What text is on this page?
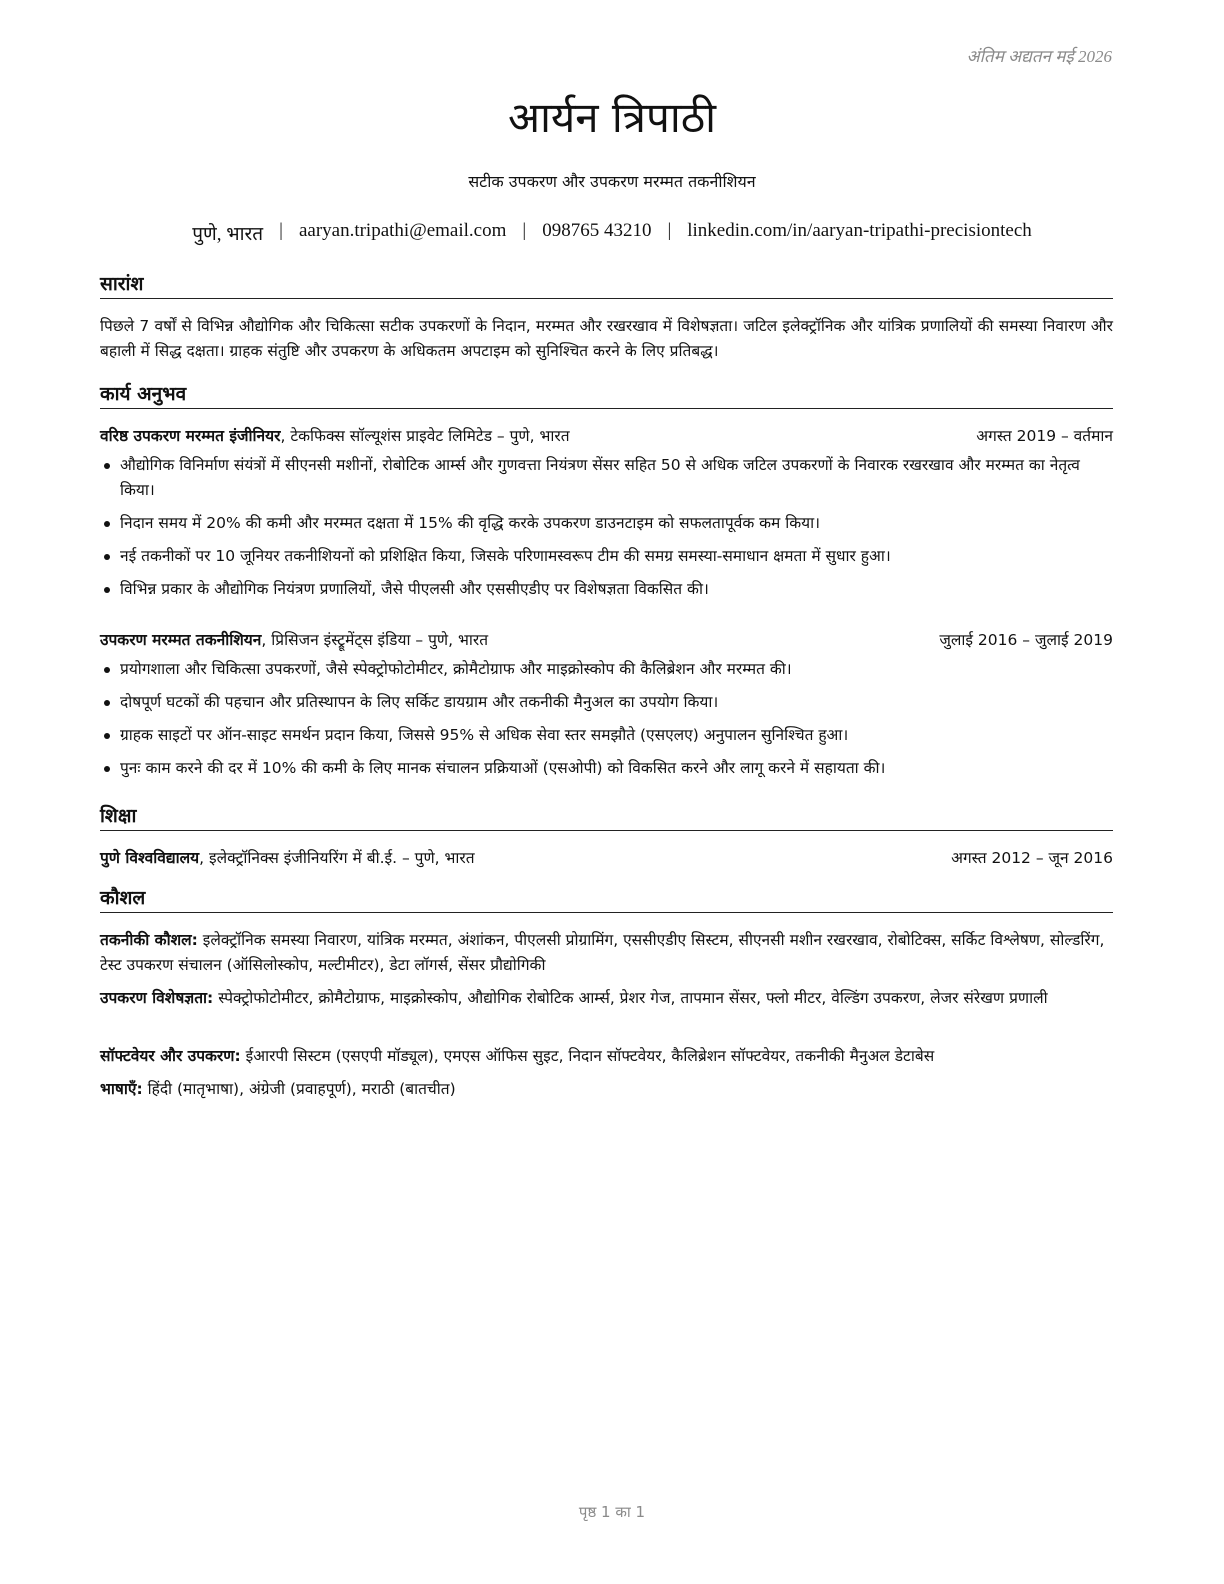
अंतिम अद्यतन मई 2026
आर्यन त्रिपाठी
सटीक उपकरण और उपकरण मरम्मत तकनीशियन
पुणे, भारत | aaryan.tripathi@email.com | 098765 43210 | linkedin.com/in/aaryan-tripathi-precisiontech
सारांश
पिछले 7 वर्षों से विभिन्न औद्योगिक और चिकित्सा सटीक उपकरणों के निदान, मरम्मत और रखरखाव में विशेषज्ञता। जटिल इलेक्ट्रॉनिक और यांत्रिक प्रणालियों की समस्या निवारण और बहाली में सिद्ध दक्षता। ग्राहक संतुष्टि और उपकरण के अधिकतम अपटाइम को सुनिश्चित करने के लिए प्रतिबद्ध।
कार्य अनुभव
वरिष्ठ उपकरण मरम्मत इंजीनियर, टेकफिक्स सॉल्यूशंस प्राइवेट लिमिटेड – पुणे, भारत	अगस्त 2019 – वर्तमान
औद्योगिक विनिर्माण संयंत्रों में सीएनसी मशीनों, रोबोटिक आर्म्स और गुणवत्ता नियंत्रण सेंसर सहित 50 से अधिक जटिल उपकरणों के निवारक रखरखाव और मरम्मत का नेतृत्व किया।
निदान समय में 20% की कमी और मरम्मत दक्षता में 15% की वृद्धि करके उपकरण डाउनटाइम को सफलतापूर्वक कम किया।
नई तकनीकों पर 10 जूनियर तकनीशियनों को प्रशिक्षित किया, जिसके परिणामस्वरूप टीम की समग्र समस्या-समाधान क्षमता में सुधार हुआ।
विभिन्न प्रकार के औद्योगिक नियंत्रण प्रणालियों, जैसे पीएलसी और एससीएडीए पर विशेषज्ञता विकसित की।
उपकरण मरम्मत तकनीशियन, प्रिसिजन इंस्ट्रूमेंट्स इंडिया – पुणे, भारत	जुलाई 2016 – जुलाई 2019
प्रयोगशाला और चिकित्सा उपकरणों, जैसे स्पेक्ट्रोफोटोमीटर, क्रोमैटोग्राफ और माइक्रोस्कोप की कैलिब्रेशन और मरम्मत की।
दोषपूर्ण घटकों की पहचान और प्रतिस्थापन के लिए सर्किट डायग्राम और तकनीकी मैनुअल का उपयोग किया।
ग्राहक साइटों पर ऑन-साइट समर्थन प्रदान किया, जिससे 95% से अधिक सेवा स्तर समझौते (एसएलए) अनुपालन सुनिश्चित हुआ।
पुनः काम करने की दर में 10% की कमी के लिए मानक संचालन प्रक्रियाओं (एसओपी) को विकसित करने और लागू करने में सहायता की।
शिक्षा
पुणे विश्वविद्यालय, इलेक्ट्रॉनिक्स इंजीनियरिंग में बी.ई. – पुणे, भारत	अगस्त 2012 – जून 2016
कौशल
तकनीकी कौशल: इलेक्ट्रॉनिक समस्या निवारण, यांत्रिक मरम्मत, अंशांकन, पीएलसी प्रोग्रामिंग, एससीएडीए सिस्टम, सीएनसी मशीन रखरखाव, रोबोटिक्स, सर्किट विश्लेषण, सोल्डरिंग, टेस्ट उपकरण संचालन (ऑसिलोस्कोप, मल्टीमीटर), डेटा लॉगर्स, सेंसर प्रौद्योगिकी
उपकरण विशेषज्ञता: स्पेक्ट्रोफोटोमीटर, क्रोमैटोग्राफ, माइक्रोस्कोप, औद्योगिक रोबोटिक आर्म्स, प्रेशर गेज, तापमान सेंसर, फ्लो मीटर, वेल्डिंग उपकरण, लेजर संरेखण प्रणाली
सॉफ्टवेयर और उपकरण: ईआरपी सिस्टम (एसएपी मॉड्यूल), एमएस ऑफिस सुइट, निदान सॉफ्टवेयर, कैलिब्रेशन सॉफ्टवेयर, तकनीकी मैनुअल डेटाबेस
भाषाएँ: हिंदी (मातृभाषा), अंग्रेजी (प्रवाहपूर्ण), मराठी (बातचीत)
पृष्ठ 1 का 1
